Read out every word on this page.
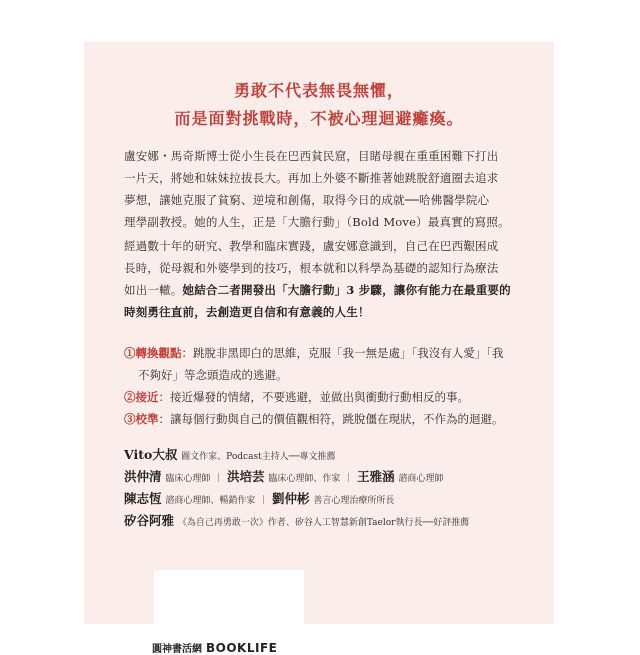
勇敢不代表無畏無懼，
而是面對挑戰時，不被心理迴避癱瘓。
盧安娜・馬奇斯博士從小生長在巴西貧民窟，目睹母親在重重困難下打出
一片天，將她和妹妹拉拔長大。再加上外婆不斷推著她跳脫舒適圈去追求
夢想，讓她克服了貧窮、逆境和創傷，取得今日的成就──哈佛醫學院心
理學副教授。她的人生，正是「大膽行動」（Bold Move）最真實的寫照。
經過數十年的研究、教學和臨床實踐，盧安娜意識到，自己在巴西艱困成
長時，從母親和外婆學到的技巧，根本就和以科學為基礎的認知行為療法
如出一轍。她結合二者開發出「大膽行動」3 步驟，讓你有能力在最重要的
時刻勇往直前，去創造更自信和有意義的人生！
①轉換觀點：跳脫非黑即白的思維，克服「我一無是處」「我沒有人愛」「我
不夠好」等念頭造成的逃避。
②接近：接近爆發的情緒，不要逃避，並做出與衝動行動相反的事。
③校準：讓每個行動與自己的價值觀相符，跳脫僵在現狀，不作為的迴避。
Vito大叔 圖文作家、Podcast主持人──專文推薦
洪仲清 臨床心理師 ｜ 洪培芸 臨床心理師、作家 ｜ 王雅涵 諮商心理師
陳志恆 諮商心理師、暢銷作家 ｜ 劉仲彬 善言心理治療所所長
矽谷阿雅 《為自己再勇敢一次》作者、矽谷人工智慧新創Taelor執行長──好評推薦
圓神書活網 BOOKLIFE
